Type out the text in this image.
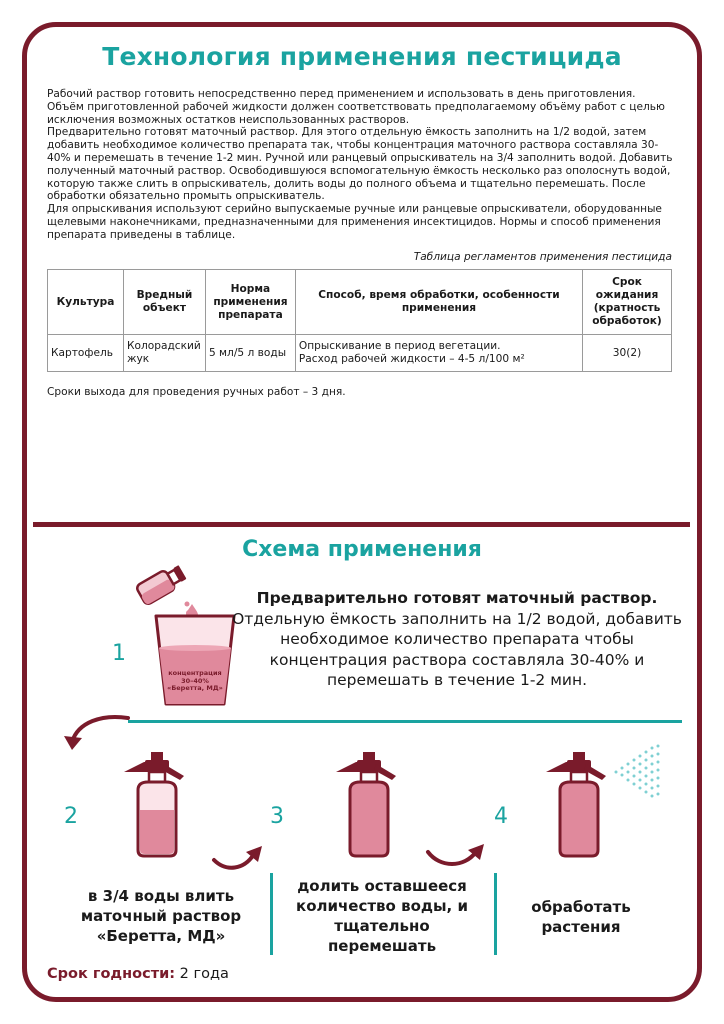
Технология применения пестицида

Рабочий раствор готовить непосредственно перед применением и использовать в день приготовления. Объём приготовленной рабочей жидкости должен соответствовать предполагаемому объёму работ с целью исключения возможных остатков неиспользованных растворов.

Предварительно готовят маточный раствор. Для этого отдельную ёмкость заполнить на 1/2 водой, затем добавить необходимое количество препарата так, чтобы концентрация маточного раствора составляла 30-40% и перемешать в течение 1-2 мин. Ручной или ранцевый опрыскиватель на 3/4 заполнить водой. Добавить полученный маточный раствор. Освободившуюся вспомогательную ёмкость несколько раз ополоснуть водой, которую также слить в опрыскиватель, долить воды до полного объема и тщательно перемешать. После обработки обязательно промыть опрыскиватель.

Для опрыскивания используют серийно выпускаемые ручные или ранцевые опрыскиватели, оборудованные щелевыми наконечниками, предназначенными для применения инсектицидов. Нормы и способ применения препарата приведены в таблице.

Таблица регламентов применения пестицида
Культура	Вредный объект	Норма применения препарата	Способ, время обработки, особенности применения	Срок ожидания (кратность обработок)
Картофель	Колорадский жук	5 мл/5 л воды	Опрыскивание в период вегетации.
Расход рабочей жидкости – 4-5 л/100 м²	30(2)
Сроки выхода для проведения ручных работ – 3 дня.
Схема применения
концентрация
30–40%
«Беретта, МД»
1
Предварительно готовят маточный раствор.
Отдельную ёмкость заполнить на 1/2 водой, добавить необходимое количество препарата чтобы концентрация раствора составляла 30-40% и перемешать в течение 1-2 мин.
2	3	4
в 3/4 воды влить маточный раствор «Беретта, МД»
долить оставшееся количество воды, и тщательно перемешать
обработать растения
Срок годности: 2 года
